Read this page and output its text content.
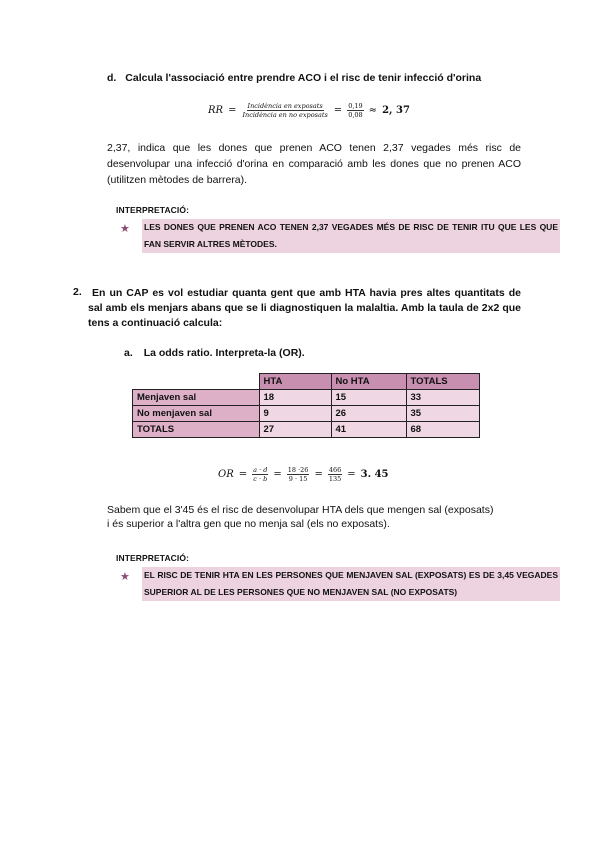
d. Calcula l'associació entre prendre ACO i el risc de tenir infecció d'orina
RR = $\frac{\text{Incidència en exposats}}{\text{Incidència en no exposats}} = \frac{0,19}{0,08} \approx 2$, 37
2,37, indica que les dones que prenen ACO tenen 2,37 vegades més risc de desenvolupar una infecció d'orina en comparació amb les dones que no prenen ACO (utilitzen mètodes de barrera).
INTERPRETACIÓ:
★ LES DONES QUE PRENEN ACO TENEN 2,37 VEGADES MÉS DE RISC DE TENIR ITU QUE LES QUE FAN SERVIR ALTRES MÈTODES.
2. En un CAP es vol estudiar quanta gent que amb HTA havia pres altes quantitats de sal amb els menjars abans que se li diagnostiquen la malaltia. Amb la taula de 2x2 que tens a continuació calcula:
a. La odds ratio. Interpreta-la (OR).
	HTA	No HTA	TOTALS
Menjaven sal	18	15	33
No menjaven sal	9	26	35
TOTALS	27	41	68
OR = $\frac{a \cdot d}{c \cdot b} = \frac{18 \cdot 26}{9 \cdot 15} = \frac{466}{135} = 3$. 45
Sabem que el 3'45 és el risc de desenvolupar HTA dels que mengen sal (exposats)
i és superior a l'altra gen que no menja sal (els no exposats).
INTERPRETACIÓ:
★ EL RISC DE TENIR HTA EN LES PERSONES QUE MENJAVEN SAL (EXPOSATS) ES DE 3,45 VEGADES SUPERIOR AL DE LES PERSONES QUE NO MENJAVEN SAL (NO EXPOSATS)
